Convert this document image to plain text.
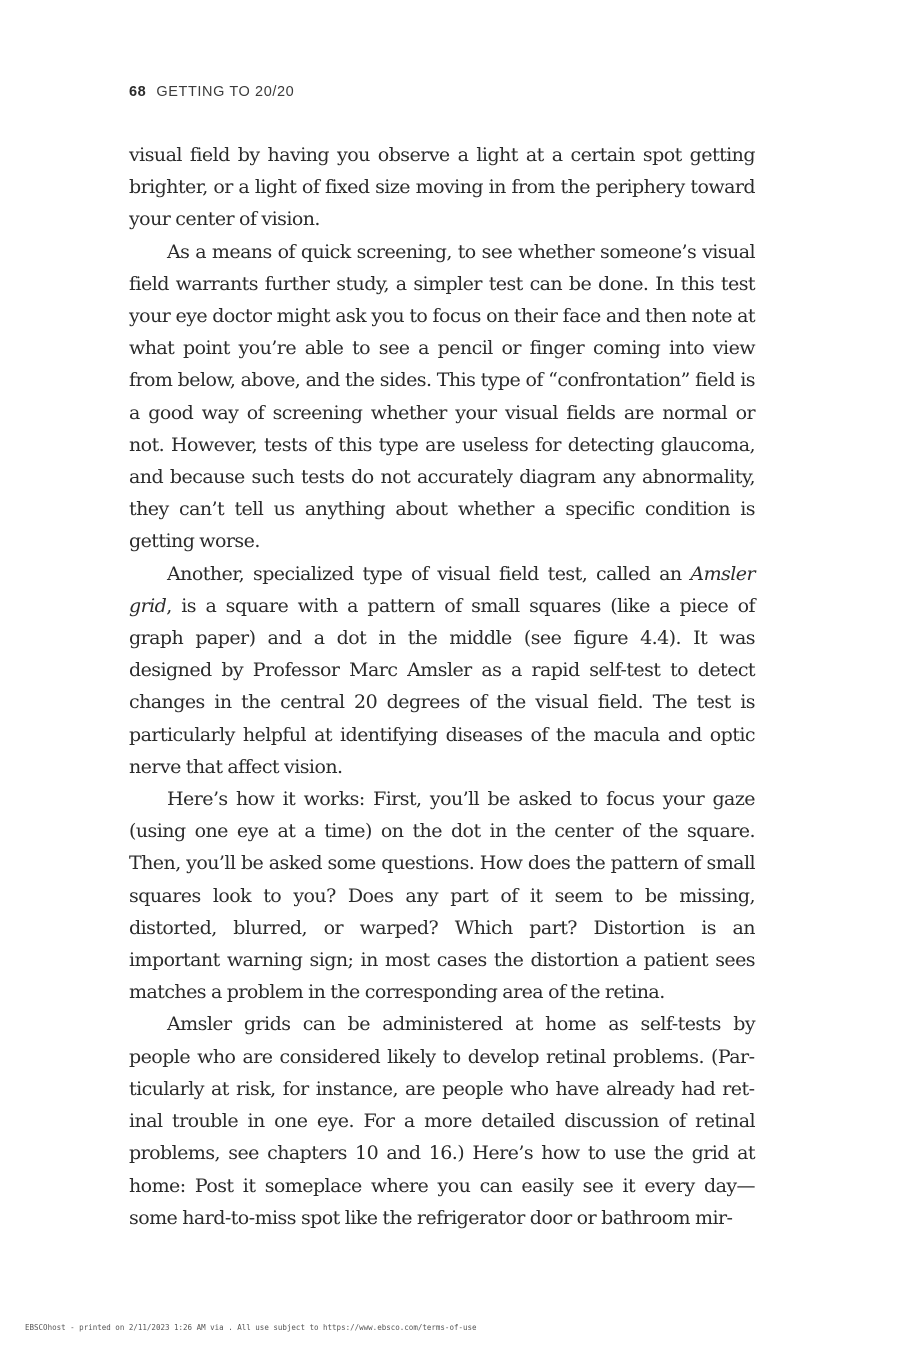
68 GETTING TO 20/20

visual field by having you observe a light at a certain spot getting brighter, or a light of fixed size moving in from the periphery toward your center of vision.

As a means of quick screening, to see whether someone’s visual field warrants further study, a simpler test can be done. In this test your eye doctor might ask you to focus on their face and then note at what point you’re able to see a pencil or finger coming into view from below, above, and the sides. This type of “confrontation” field is a good way of screening whether your visual fields are normal or not. However, tests of this type are useless for detecting glaucoma, and because such tests do not accurately diagram any abnormality, they can’t tell us anything about whether a specific condition is getting worse.

Another, specialized type of visual field test, called an Amsler grid, is a square with a pattern of small squares (like a piece of graph paper) and a dot in the middle (see figure 4.4). It was designed by Professor Marc Amsler as a rapid self-test to detect changes in the central 20 degrees of the visual field. The test is particularly helpful at identifying diseases of the macula and optic nerve that affect vision.

Here’s how it works: First, you’ll be asked to focus your gaze (using one eye at a time) on the dot in the center of the square. Then, you’ll be asked some questions. How does the pattern of small squares look to you? Does any part of it seem to be missing, distorted, blurred, or warped? Which part? Distortion is an important warning sign; in most cases the distortion a patient sees matches a problem in the corresponding area of the retina.

Amsler grids can be administered at home as self-tests by people who are considered likely to develop retinal problems. (Particularly at risk, for instance, are people who have already had retinal trouble in one eye. For a more detailed discussion of retinal problems, see chapters 10 and 16.) Here’s how to use the grid at home: Post it someplace where you can easily see it every day—some hard-to-miss spot like the refrigerator door or bathroom mir-

EBSCOhost - printed on 2/11/2023 1:26 AM via . All use subject to https://www.ebsco.com/terms-of-use
